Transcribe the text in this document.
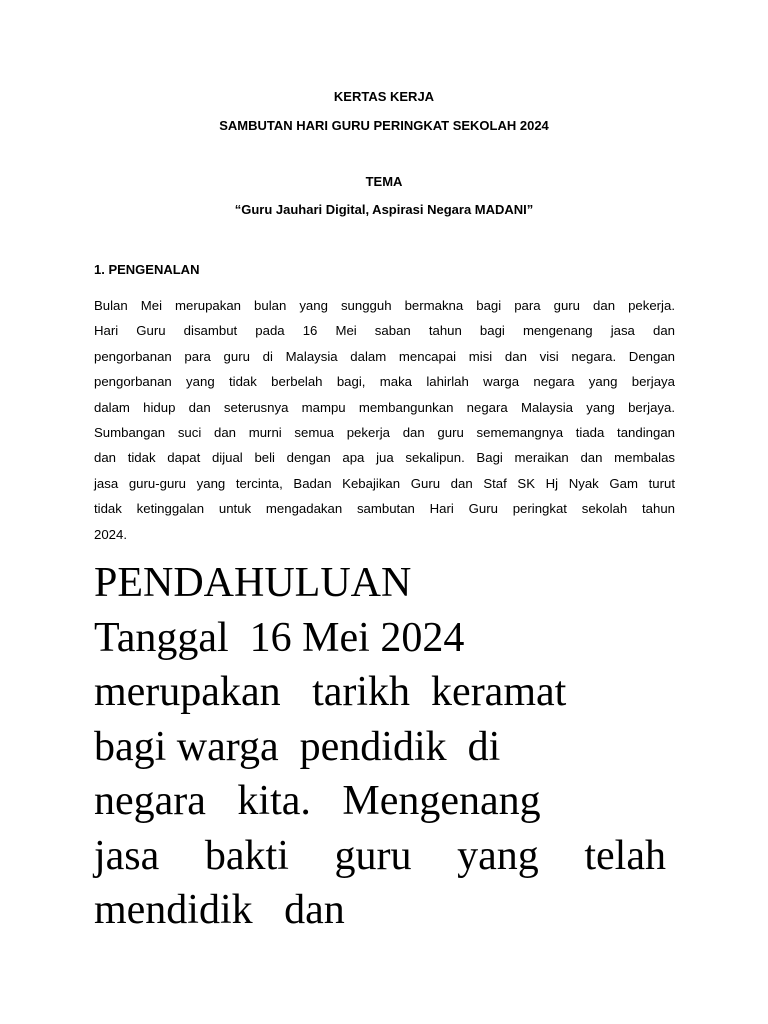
KERTAS KERJA
SAMBUTAN HARI GURU PERINGKAT SEKOLAH 2024
TEMA
“Guru Jauhari Digital, Aspirasi Negara MADANI”
1. PENGENALAN
Bulan Mei merupakan bulan yang sungguh bermakna bagi para guru dan pekerja.
Hari Guru disambut pada 16 Mei saban tahun bagi mengenang jasa dan
pengorbanan para guru di Malaysia dalam mencapai misi dan visi negara. Dengan
pengorbanan yang tidak berbelah bagi, maka lahirlah warga negara yang berjaya
dalam hidup dan seterusnya mampu membangunkan negara Malaysia yang berjaya.
Sumbangan suci dan murni semua pekerja dan guru sememangnya tiada tandingan
dan tidak dapat dijual beli dengan apa jua sekalipun. Bagi meraikan dan membalas
jasa guru-guru yang tercinta, Badan Kebajikan Guru dan Staf SK Hj Nyak Gam turut
tidak ketinggalan untuk mengadakan sambutan Hari Guru peringkat sekolah tahun
2024.
PENDAHULUAN
Tanggal  16 Mei 2024
merupakan   tarikh  keramat
bagi warga  pendidik  di
negara   kita.   Mengenang
jasa bakti guru yang telah
mendidik   dan
